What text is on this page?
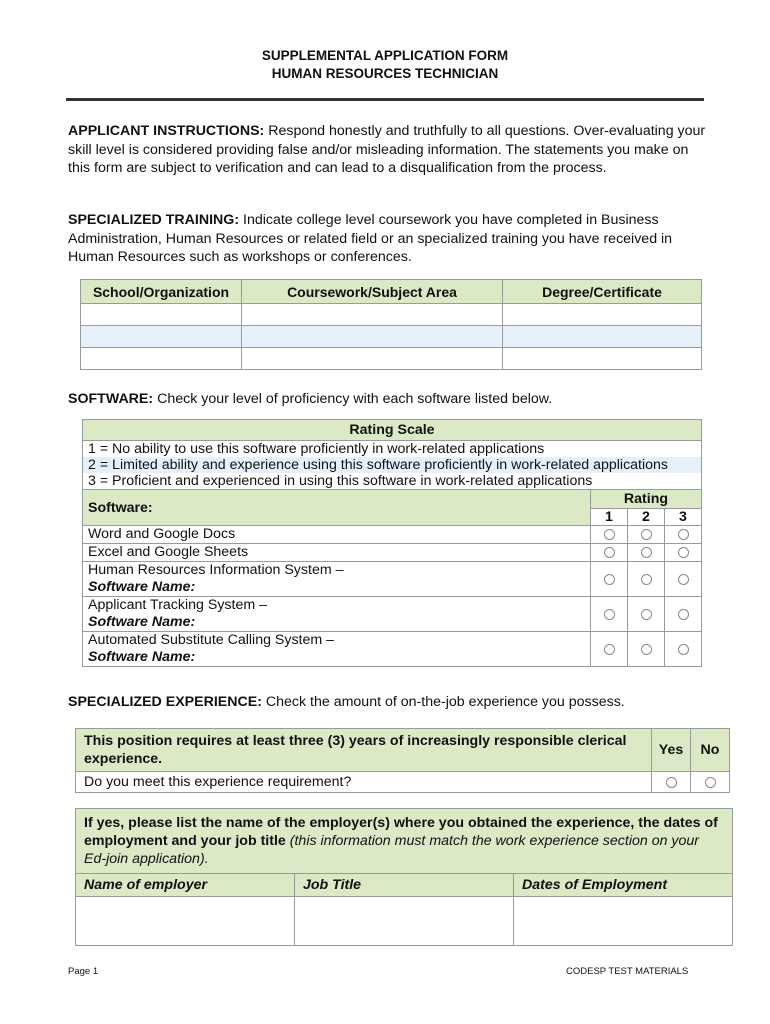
SUPPLEMENTAL APPLICATION FORM
HUMAN RESOURCES TECHNICIAN
APPLICANT INSTRUCTIONS: Respond honestly and truthfully to all questions. Over-evaluating your skill level is considered providing false and/or misleading information. The statements you make on this form are subject to verification and can lead to a disqualification from the process.
SPECIALIZED TRAINING: Indicate college level coursework you have completed in Business Administration, Human Resources or related field or an specialized training you have received in Human Resources such as workshops or conferences.
School/Organization	Coursework/Subject Area	Degree/Certificate

SOFTWARE: Check your level of proficiency with each software listed below.
Rating Scale			
1 = No ability to use this software proficiently in work-related applications			
2 = Limited ability and experience using this software proficiently in work-related applications			
3 = Proficient and experienced in using this software in work-related applications			
Software:	Rating		
	1	2	3
Word and Google Docs			
Excel and Google Sheets			

Human Resources Information System –
Software Name:			

Applicant Tracking System –
Software Name:			

Automated Substitute Calling System –
Software Name:			
SPECIALIZED EXPERIENCE: Check the amount of on-the-job experience you possess.
This position requires at least three (3) years of increasingly responsible clerical experience.	Yes	No
Do you meet this experience requirement?		
If yes, please list the name of the employer(s) where you obtained the experience, the dates of employment and your job title (this information must match the work experience section on your Ed-join application).		
Name of employer	Job Title	Dates of Employment

Page 1	CODESP TEST MATERIALS
